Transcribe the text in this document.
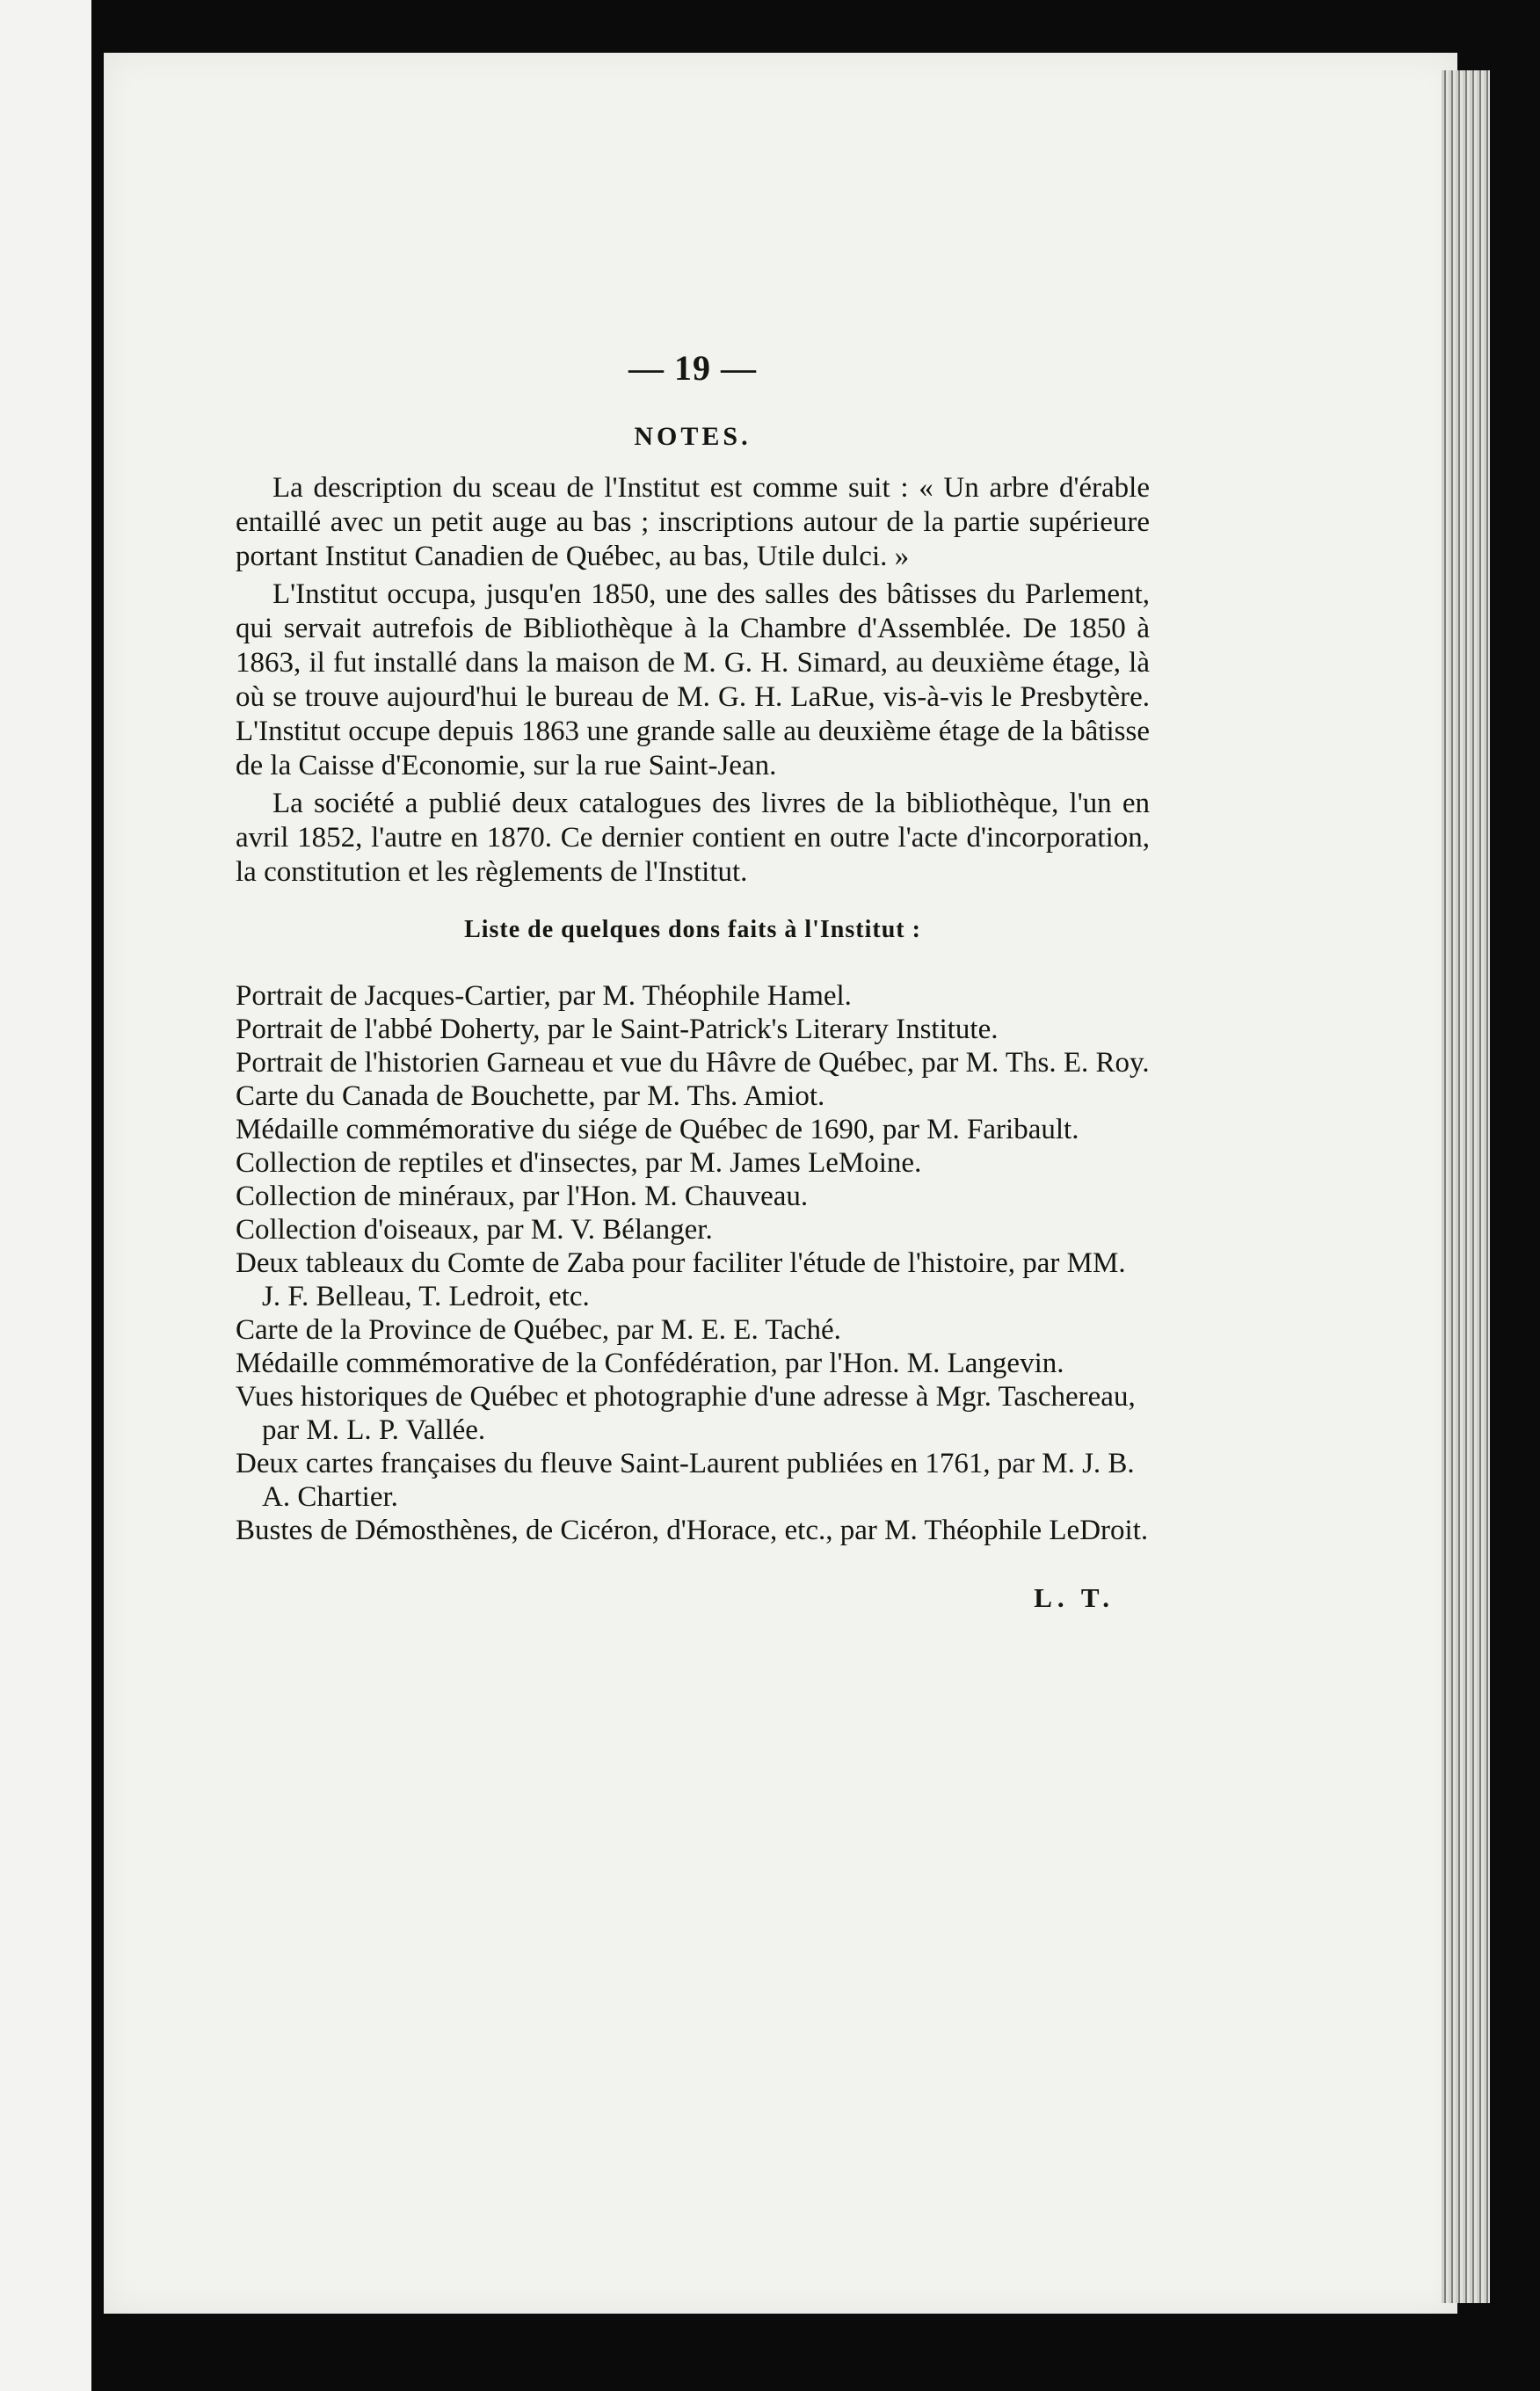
— 19 —
NOTES.

La description du sceau de l'Institut est comme suit : « Un arbre d'érable entaillé avec un petit auge au bas ; inscriptions autour de la partie supérieure portant Institut Canadien de Québec, au bas, Utile dulci. »

L'Institut occupa, jusqu'en 1850, une des salles des bâtisses du Parlement, qui servait autrefois de Bibliothèque à la Chambre d'Assemblée. De 1850 à 1863, il fut installé dans la maison de M. G. H. Simard, au deuxième étage, là où se trouve aujourd'hui le bureau de M. G. H. LaRue, vis-à-vis le Presbytère. L'Institut occupe depuis 1863 une grande salle au deuxième étage de la bâtisse de la Caisse d'Economie, sur la rue Saint-Jean.

La société a publié deux catalogues des livres de la bibliothèque, l'un en avril 1852, l'autre en 1870. Ce dernier contient en outre l'acte d'incorporation, la constitution et les règlements de l'Institut.

Liste de quelques dons faits à l'Institut :
Portrait de Jacques-Cartier, par M. Théophile Hamel.
Portrait de l'abbé Doherty, par le Saint-Patrick's Literary Institute.
Portrait de l'historien Garneau et vue du Hâvre de Québec, par M. Ths. E. Roy.
Carte du Canada de Bouchette, par M. Ths. Amiot.
Médaille commémorative du siége de Québec de 1690, par M. Faribault.
Collection de reptiles et d'insectes, par M. James LeMoine.
Collection de minéraux, par l'Hon. M. Chauveau.
Collection d'oiseaux, par M. V. Bélanger.
Deux tableaux du Comte de Zaba pour faciliter l'étude de l'histoire, par MM. J. F. Belleau, T. Ledroit, etc.
Carte de la Province de Québec, par M. E. E. Taché.
Médaille commémorative de la Confédération, par l'Hon. M. Langevin.
Vues historiques de Québec et photographie d'une adresse à Mgr. Taschereau, par M. L. P. Vallée.
Deux cartes françaises du fleuve Saint-Laurent publiées en 1761, par M. J. B. A. Chartier.
Bustes de Démosthènes, de Cicéron, d'Horace, etc., par M. Théophile LeDroit.
L. T.
